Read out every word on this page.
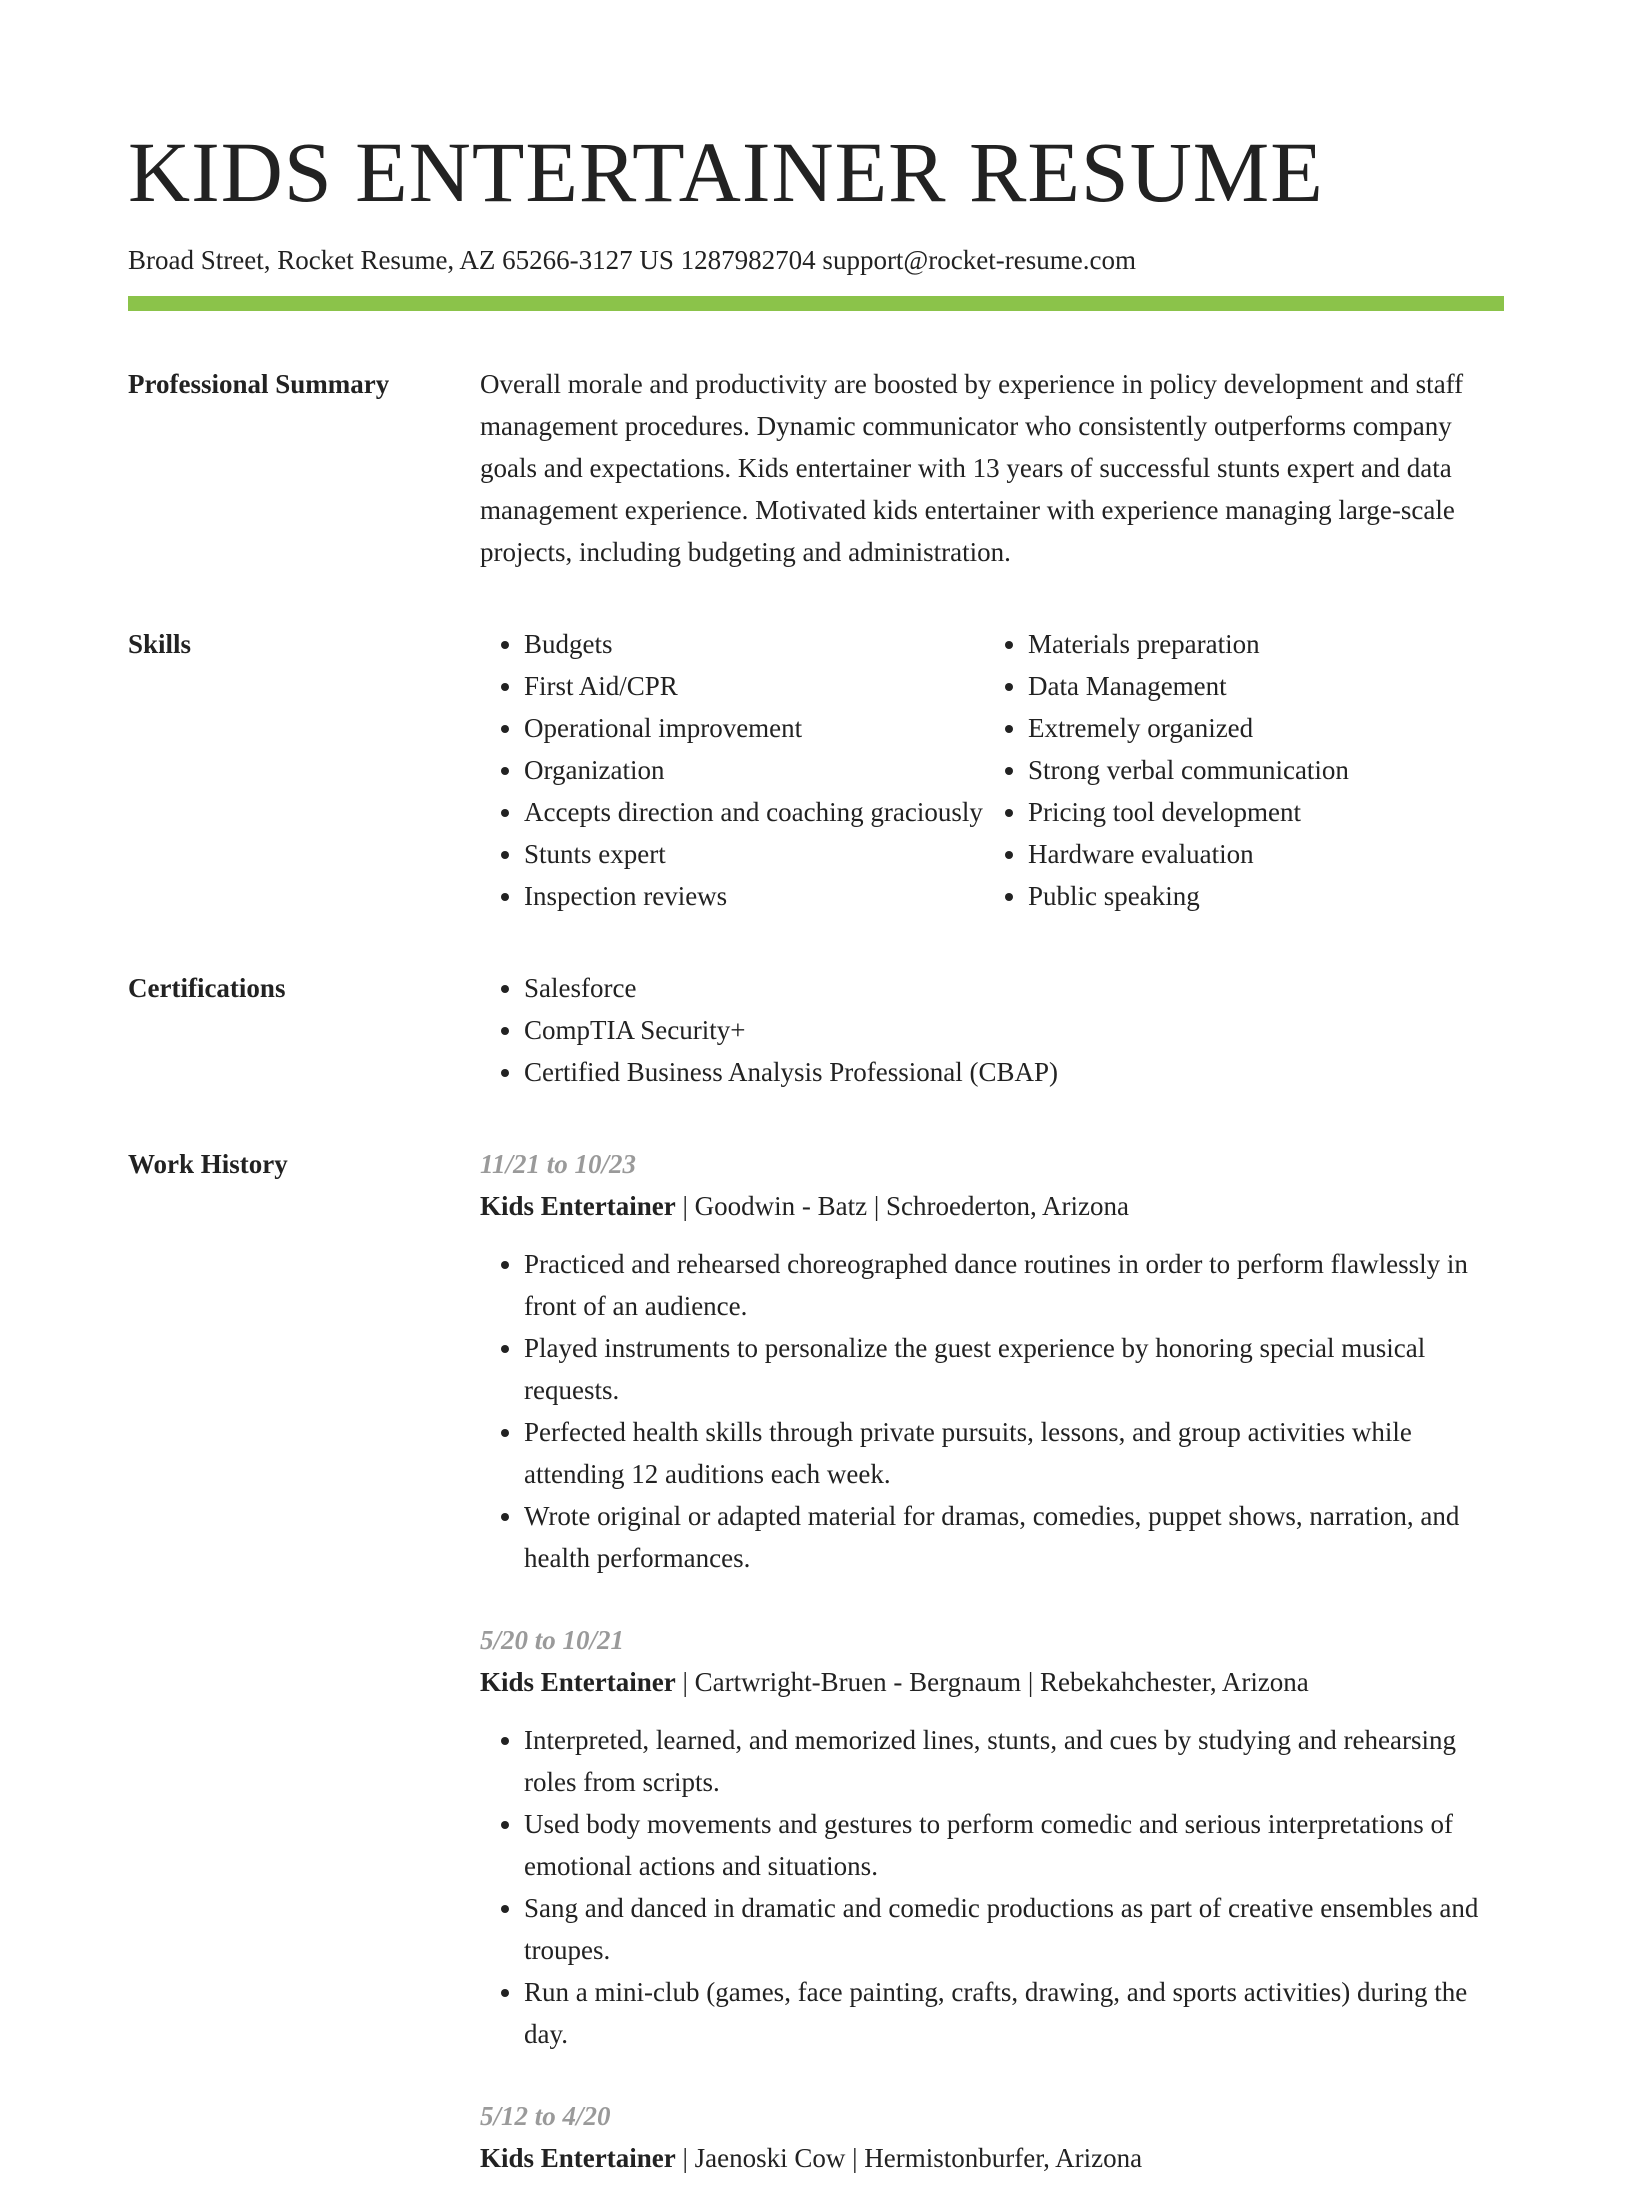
KIDS ENTERTAINER RESUME
Broad Street, Rocket Resume, AZ 65266-3127 US 1287982704 support@rocket-resume.com
Professional Summary	Overall morale and productivity are boosted by experience in policy development and staff management procedures. Dynamic communicator who consistently outperforms company goals and expectations. Kids entertainer with 13 years of successful stunts expert and data management experience. Motivated kids entertainer with experience managing large-scale projects, including budgeting and administration.

Skills	• Budgets
• First Aid/CPR
• Operational improvement
• Organization
• Accepts direction and coaching graciously
• Stunts expert
• Inspection reviews
• Materials preparation
• Data Management
• Extremely organized
• Strong verbal communication
• Pricing tool development
• Hardware evaluation
• Public speaking
Certifications	• Salesforce
• CompTIA Security+
• Certified Business Analysis Professional (CBAP)
Work History	11/21 to 10/23
Kids Entertainer | Goodwin - Batz | Schroederton, Arizona
• Practiced and rehearsed choreographed dance routines in order to perform flawlessly in front of an audience.
• Played instruments to personalize the guest experience by honoring special musical requests.
• Perfected health skills through private pursuits, lessons, and group activities while attending 12 auditions each week.
• Wrote original or adapted material for dramas, comedies, puppet shows, narration, and health performances.
5/20 to 10/21
Kids Entertainer | Cartwright-Bruen - Bergnaum | Rebekahchester, Arizona
• Interpreted, learned, and memorized lines, stunts, and cues by studying and rehearsing roles from scripts.
• Used body movements and gestures to perform comedic and serious interpretations of emotional actions and situations.
• Sang and danced in dramatic and comedic productions as part of creative ensembles and troupes.
• Run a mini-club (games, face painting, crafts, drawing, and sports activities) during the day.
5/12 to 4/20
Kids Entertainer | Jaenoski Cow | Hermistonburfer, Arizona
